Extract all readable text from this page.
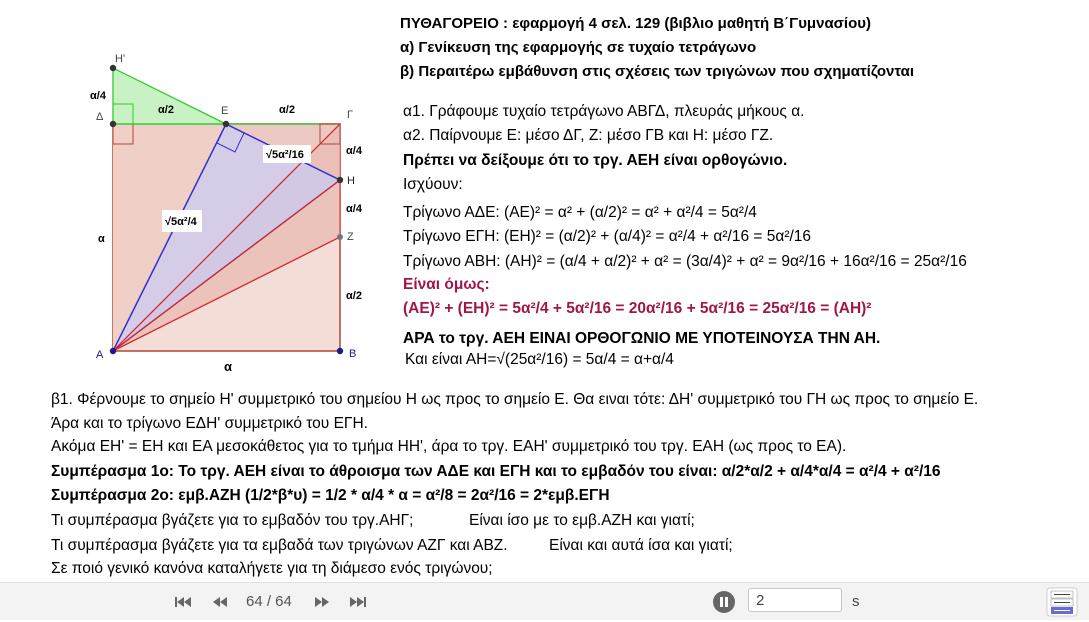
Α	Β
Γ
Δ	Ε
Η
Ζ
Η'
α/4
α/2	α/2
α/4
α/4
α/2
α
α
√5α²/16
√5α²/4
ΠΥΘΑΓΟΡΕΙΟ : εφαρμογή 4 σελ. 129 (βιβλιο μαθητή Β΄Γυμνασίου)
α) Γενίκευση της εφαρμογής σε τυχαίο τετράγωνο
β) Περαιτέρω εμβάθυνση στις σχέσεις των τριγώνων που σχηματίζονται
α1. Γράφουμε τυχαίο τετράγωνο ΑΒΓΔ, πλευράς μήκους α.
α2. Παίρνουμε Ε: μέσο ΔΓ, Ζ: μέσο ΓΒ και Η: μέσο ΓΖ.
Πρέπει να δείξουμε ότι το τργ. ΑΕΗ είναι ορθογώνιο.
Ισχύουν:
Τρίγωνο ΑΔΕ: (ΑΕ)² = α² + (α/2)² = α² + α²/4 = 5α²/4
Τρίγωνο ΕΓΗ: (ΕΗ)² = (α/2)² + (α/4)² = α²/4 + α²/16 = 5α²/16
Τρίγωνο ΑΒΗ: (ΑΗ)² = (α/4 + α/2)² + α² = (3α/4)² + α² = 9α²/16 + 16α²/16 = 25α²/16
Είναι όμως:
(ΑΕ)² + (ΕΗ)² = 5α²/4 + 5α²/16 = 20α²/16 + 5α²/16 = 25α²/16 = (ΑΗ)²
ΑΡΑ το τργ. ΑΕΗ ΕΙΝΑΙ ΟΡΘΟΓΩΝΙΟ ΜΕ ΥΠΟΤΕΙΝΟΥΣΑ ΤΗΝ ΑΗ.
Και είναι ΑΗ=√(25α²/16) = 5α/4 = α+α/4
β1. Φέρνουμε το σημείο Η' συμμετρικό του σημείου Η ως προς το σημείο Ε. Θα ειναι τότε: ΔΗ' συμμετρικό του ΓΗ ως προς το σημείο Ε.
Άρα και το τρίγωνο ΕΔΗ' συμμετρικό του ΕΓΗ.
Ακόμα ΕΗ' = ΕΗ και ΕΑ μεσοκάθετος για το τμήμα ΗΗ', άρα το τργ. ΕΑΗ' συμμετρικό του τργ. ΕΑΗ (ως προς το ΕΑ).
Συμπέρασμα 1ο: Το τργ. ΑΕΗ είναι το άθροισμα των ΑΔΕ και ΕΓΗ και το εμβαδόν του είναι: α/2*α/2 + α/4*α/4 = α²/4 + α²/16
Συμπέρασμα 2ο: εμβ.ΑΖΗ (1/2*β*υ) = 1/2 * α/4 * α = α²/8 = 2α²/16 = 2*εμβ.ΕΓΗ
Τι συμπέρασμα βγάζετε για το εμβαδόν του τργ.ΑΗΓ;	Είναι ίσο με το εμβ.ΑΖΗ και γιατί;
Τι συμπέρασμα βγάζετε για τα εμβαδά των τριγώνων ΑΖΓ και ΑΒΖ.	Είναι και αυτά ίσα και γιατί;
Σε ποιό γενικό κανόνα καταλήγετε για τη διάμεσο ενός τριγώνου;
64 / 64
2	s
